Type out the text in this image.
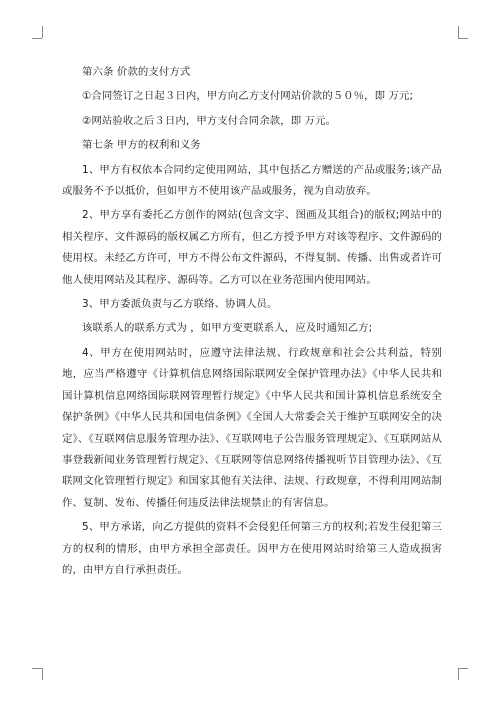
第六条 价款的支付方式

①合同签订之日起３日内，甲方向乙方支付网站价款的５０％，即 万元;

②网站验收之后３日内，甲方支付合同余款，即 万元。

第七条 甲方的权利和义务

1、甲方有权依本合同约定使用网站，其中包括乙方赠送的产品或服务;该产品或服务不予以抵价，但如甲方不使用该产品或服务，视为自动放弃。

2、甲方享有委托乙方创作的网站(包含文字、图画及其组合)的版权;网站中的相关程序、文件源码的版权属乙方所有，但乙方授予甲方对该等程序、文件源码的使用权。未经乙方许可，甲方不得公布文件源码，不得复制、传播、出售或者许可他人使用网站及其程序、源码等。乙方可以在业务范围内使用网站。

3、甲方委派负责与乙方联络、协调人员。

该联系人的联系方式为 ，如甲方变更联系人，应及时通知乙方;

4、甲方在使用网站时，应遵守法律法规、行政规章和社会公共利益，特别地，应当严格遵守《计算机信息网络国际联网安全保护管理办法》《中华人民共和国计算机信息网络国际联网管理暂行规定》《中华人民共和国计算机信息系统安全保护条例》《中华人民共和国电信条例》《全国人大常委会关于维护互联网安全的决定》、《互联网信息服务管理办法》、《互联网电子公告服务管理规定》、《互联网站从事登载新闻业务管理暂行规定》、《互联网等信息网络传播视听节目管理办法》、《互联网文化管理暂行规定》和国家其他有关法律、法规、行政规章，不得利用网站制作、复制、发布、传播任何违反法律法规禁止的有害信息。

5、甲方承诺，向乙方提供的资料不会侵犯任何第三方的权利;若发生侵犯第三方的权利的情形，由甲方承担全部责任。因甲方在使用网站时给第三人造成损害的，由甲方自行承担责任。
